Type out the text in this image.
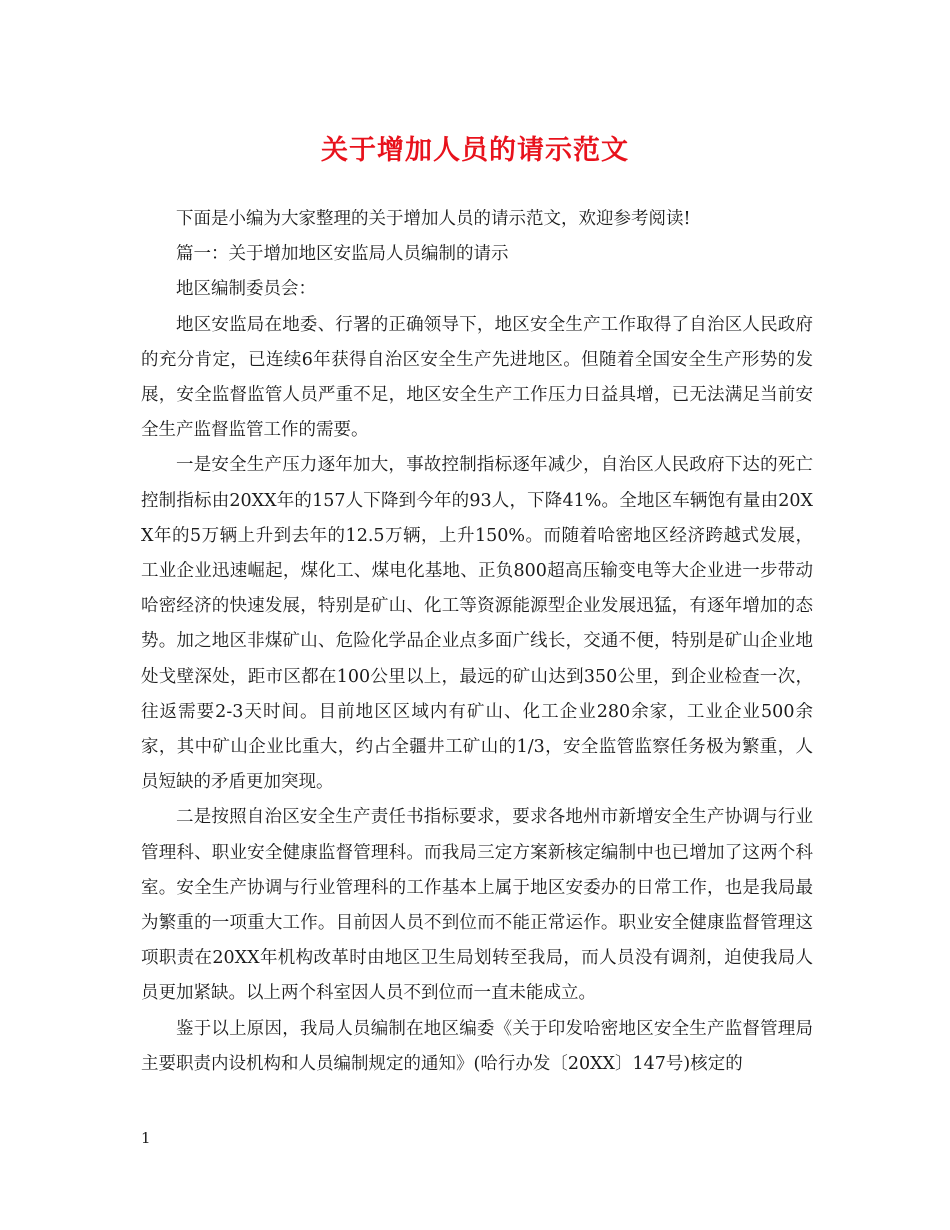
关于增加人员的请示范文

下面是小编为大家整理的关于增加人员的请示范文，欢迎参考阅读!

篇一：关于增加地区安监局人员编制的请示

地区编制委员会：

地区安监局在地委、行署的正确领导下，地区安全生产工作取得了自治区人民政府的充分肯定，已连续6年获得自治区安全生产先进地区。但随着全国安全生产形势的发展，安全监督监管人员严重不足，地区安全生产工作压力日益具增，已无法满足当前安全生产监督监管工作的需要。

一是安全生产压力逐年加大，事故控制指标逐年减少，自治区人民政府下达的死亡控制指标由20XX年的157人下降到今年的93人，下降41%。全地区车辆饱有量由20XX年的5万辆上升到去年的12.5万辆，上升150%。而随着哈密地区经济跨越式发展，工业企业迅速崛起，煤化工、煤电化基地、正负800超高压输变电等大企业进一步带动哈密经济的快速发展，特别是矿山、化工等资源能源型企业发展迅猛，有逐年增加的态势。加之地区非煤矿山、危险化学品企业点多面广线长，交通不便，特别是矿山企业地处戈壁深处，距市区都在100公里以上，最远的矿山达到350公里，到企业检查一次，往返需要2-3天时间。目前地区区域内有矿山、化工企业280余家，工业企业500余家，其中矿山企业比重大，约占全疆井工矿山的1/3，安全监管监察任务极为繁重，人员短缺的矛盾更加突现。

二是按照自治区安全生产责任书指标要求，要求各地州市新增安全生产协调与行业管理科、职业安全健康监督管理科。而我局三定方案新核定编制中也已增加了这两个科室。安全生产协调与行业管理科的工作基本上属于地区安委办的日常工作，也是我局最为繁重的一项重大工作。目前因人员不到位而不能正常运作。职业安全健康监督管理这项职责在20XX年机构改革时由地区卫生局划转至我局，而人员没有调剂，迫使我局人员更加紧缺。以上两个科室因人员不到位而一直未能成立。

鉴于以上原因，我局人员编制在地区编委《关于印发哈密地区安全生产监督管理局主要职责内设机构和人员编制规定的通知》(哈行办发〔20XX〕147号)核定的

1
